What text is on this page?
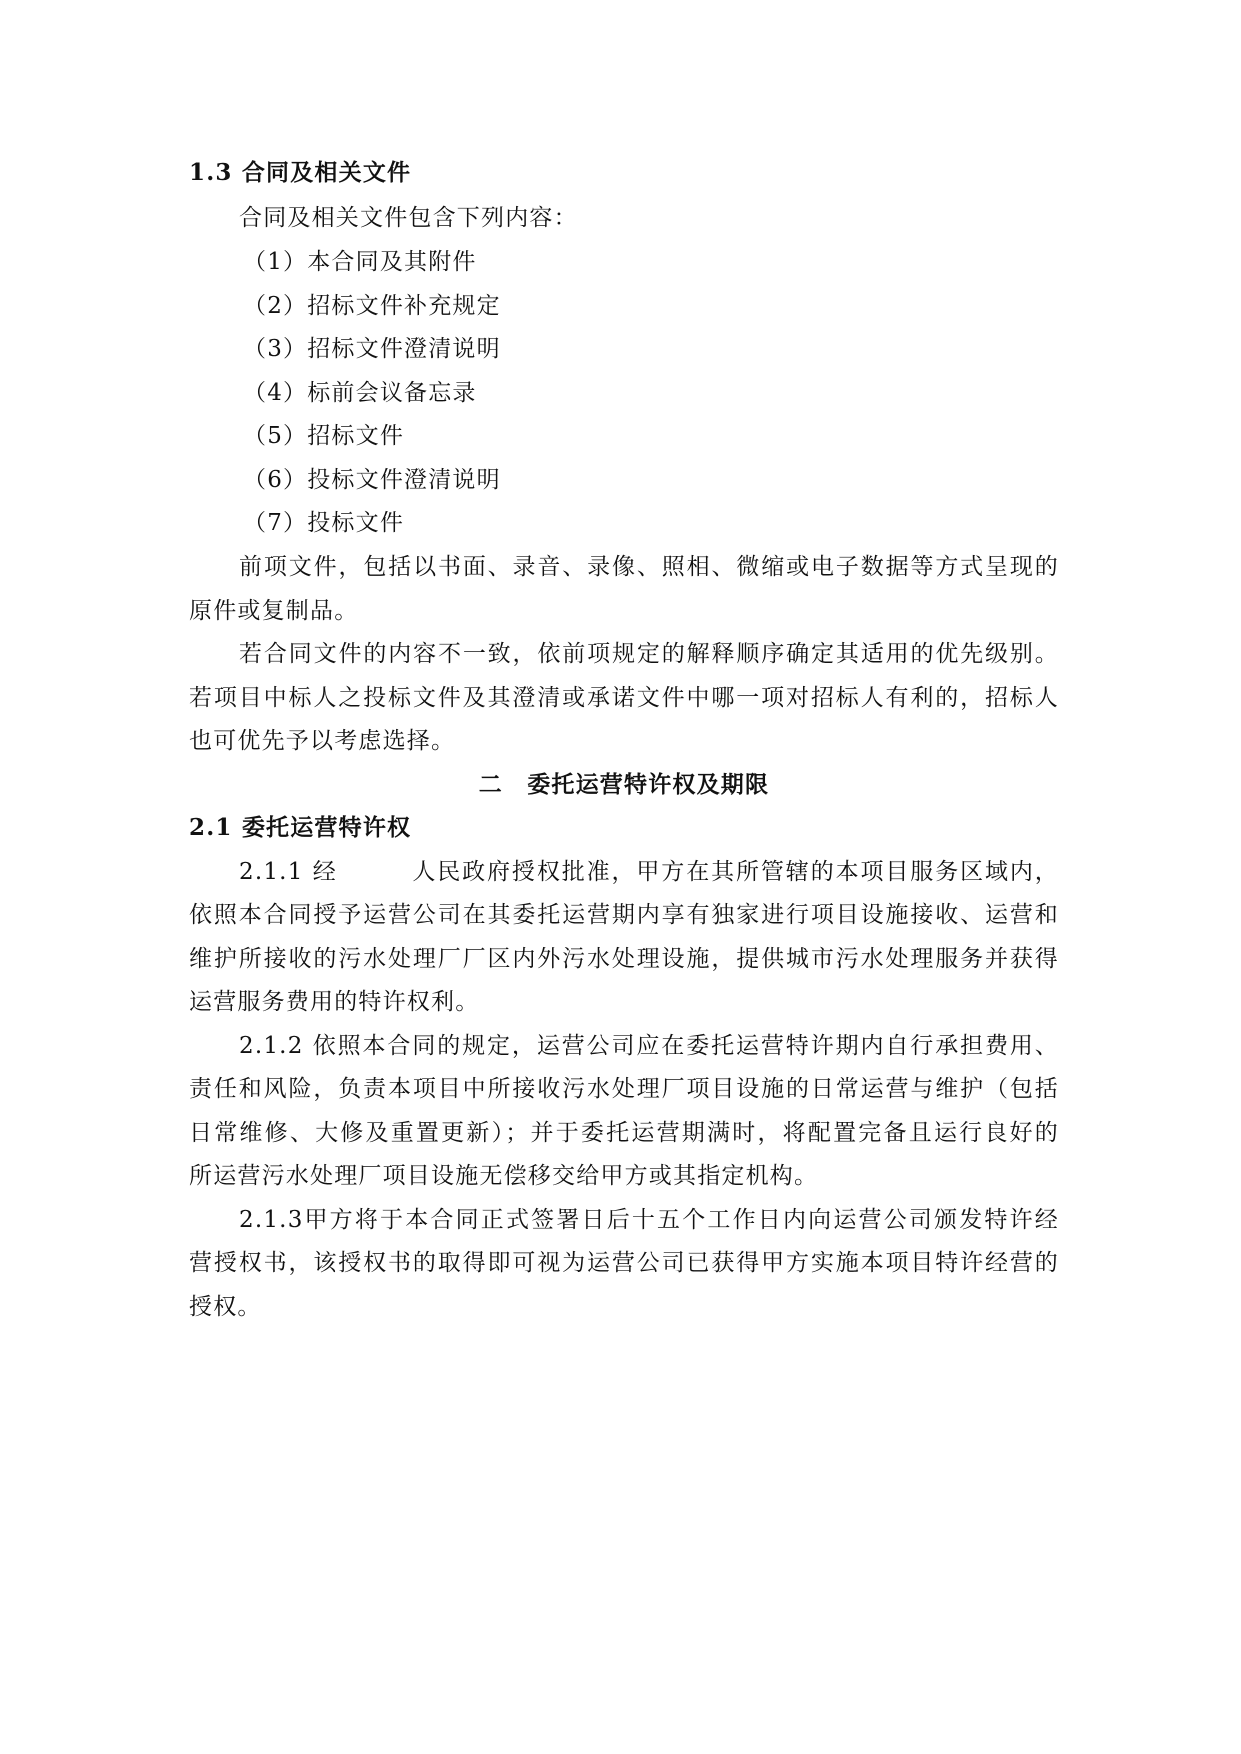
1.3 合同及相关文件
合同及相关文件包含下列内容：
（1）本合同及其附件
（2）招标文件补充规定
（3）招标文件澄清说明
（4）标前会议备忘录
（5）招标文件
（6）投标文件澄清说明
（7）投标文件
前项文件，包括以书面、录音、录像、照相、微缩或电子数据等方式呈现的
原件或复制品。
若合同文件的内容不一致，依前项规定的解释顺序确定其适用的优先级别。
若项目中标人之投标文件及其澄清或承诺文件中哪一项对招标人有利的，招标人
也可优先予以考虑选择。
二　委托运营特许权及期限
2.1 委托运营特许权
2.1.1 经　　　人民政府授权批准，甲方在其所管辖的本项目服务区域内，
依照本合同授予运营公司在其委托运营期内享有独家进行项目设施接收、运营和
维护所接收的污水处理厂厂区内外污水处理设施，提供城市污水处理服务并获得
运营服务费用的特许权利。
2.1.2 依照本合同的规定，运营公司应在委托运营特许期内自行承担费用、
责任和风险，负责本项目中所接收污水处理厂项目设施的日常运营与维护（包括
日常维修、大修及重置更新）；并于委托运营期满时，将配置完备且运行良好的
所运营污水处理厂项目设施无偿移交给甲方或其指定机构。
2.1.3甲方将于本合同正式签署日后十五个工作日内向运营公司颁发特许经
营授权书，该授权书的取得即可视为运营公司已获得甲方实施本项目特许经营的
授权。
